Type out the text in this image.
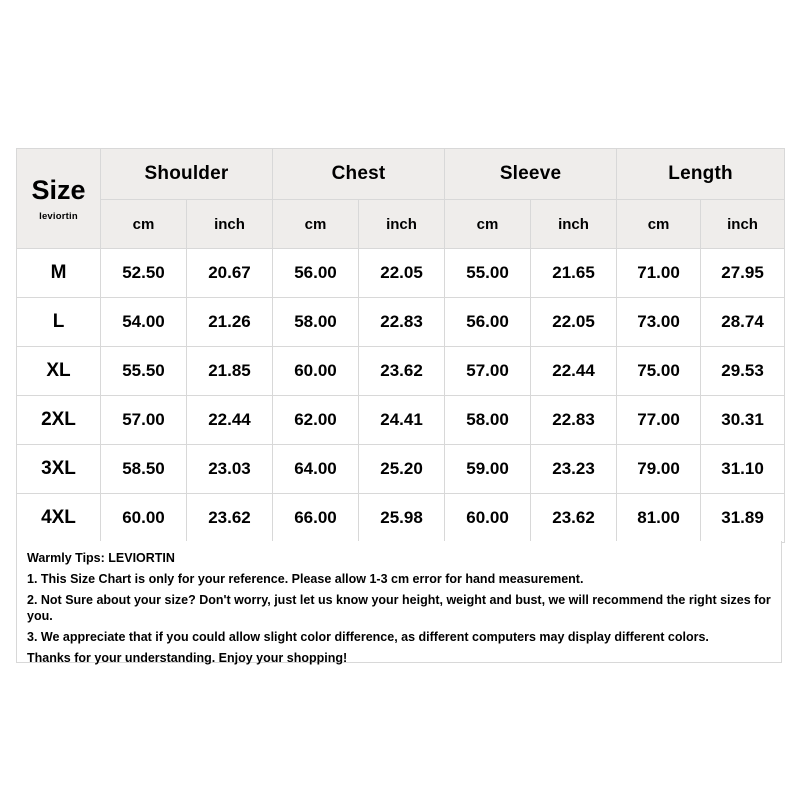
Size
leviortin	Shoulder		Chest		Sleeve		Length	
	cm	inch	cm	inch	cm	inch	cm	inch
M	52.50	20.67	56.00	22.05	55.00	21.65	71.00	27.95
L	54.00	21.26	58.00	22.83	56.00	22.05	73.00	28.74
XL	55.50	21.85	60.00	23.62	57.00	22.44	75.00	29.53
2XL	57.00	22.44	62.00	24.41	58.00	22.83	77.00	30.31
3XL	58.50	23.03	64.00	25.20	59.00	23.23	79.00	31.10
4XL	60.00	23.62	66.00	25.98	60.00	23.62	81.00	31.89

Warmly Tips: LEVIORTIN

1. This Size Chart is only for your reference. Please allow 1-3 cm error for hand measurement.

2. Not Sure about your size? Don't worry, just let us know your height, weight and bust, we will recommend the right sizes for you.

3. We appreciate that if you could allow slight color difference, as different computers may display different colors.

Thanks for your understanding. Enjoy your shopping!
